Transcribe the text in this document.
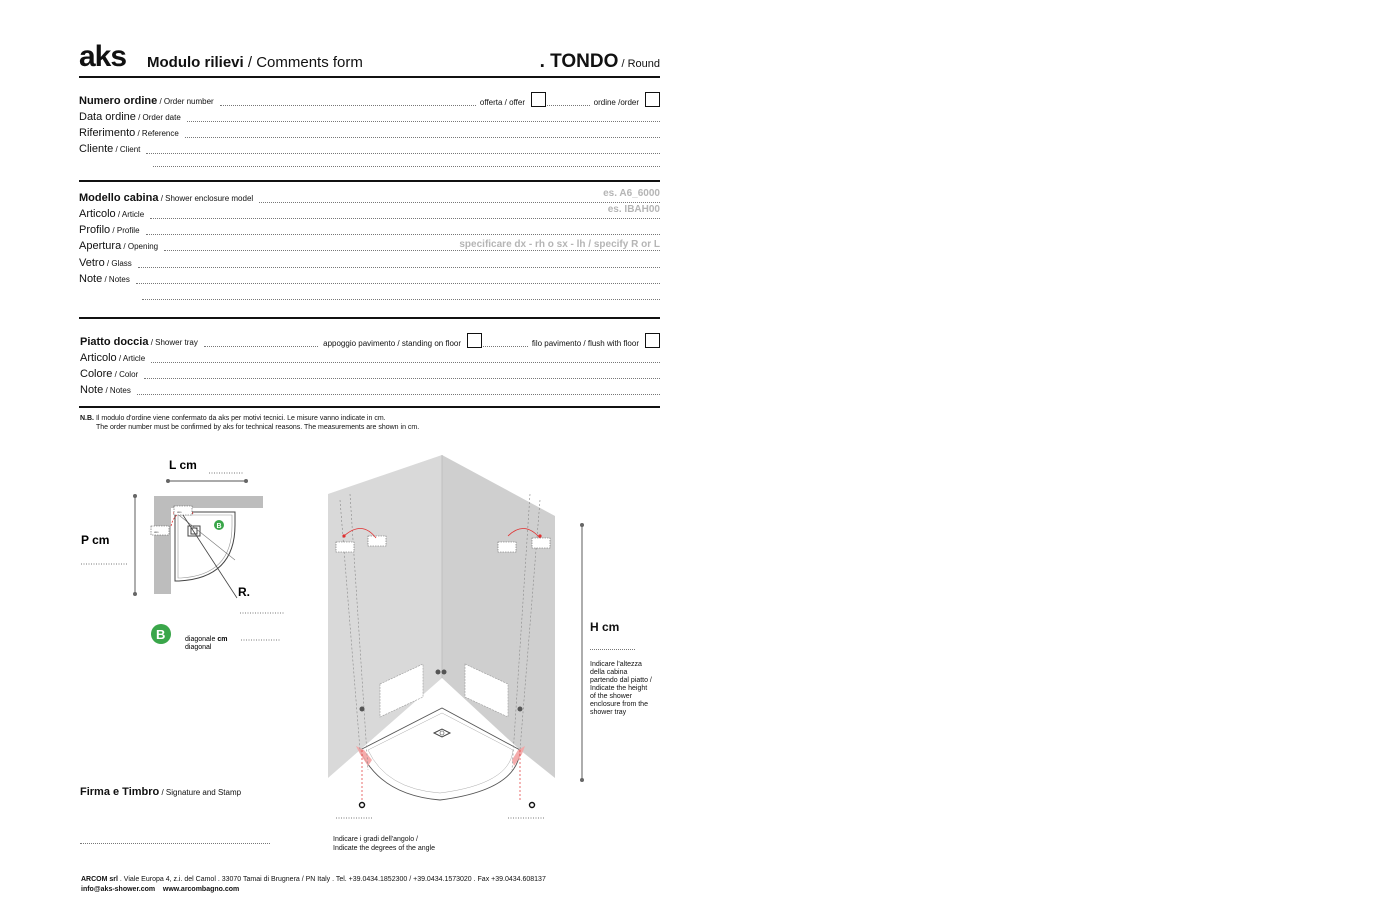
aks Modulo rilievi / Comments form	. TONDO / Round
Numero ordine / Order number	offerta / offer	ordine /order
Data ordine / Order date
Riferimento / Reference
Cliente / Client
Modello cabina / Shower enclosure model	es. A6_6000
Articolo / Article	es. IBAH00
Profilo / Profile
Apertura / Opening	specificare dx - rh o sx - lh / specify R or L
Vetro / Glass
Note / Notes
Piatto doccia / Shower tray	appoggio pavimento / standing on floor	filo pavimento / flush with floor
Articolo / Article
Colore / Color
Note / Notes
N.B. Il modulo d'ordine viene confermato da aks per motivi tecnici. Le misure vanno indicate in cm.
The order number must be confirmed by aks for technical reasons. The measurements are shown in cm.
L cm
aks
aks
B
P cm
R.
B	diagonale cm
diagonal
H cm
Indicare l'altezza
della cabina
partendo dal piatto /
Indicate the height
of the shower
enclosure from the
shower tray
Indicare i gradi dell'angolo /
Indicate the degrees of the angle
Firma e Timbro / Signature and Stamp
ARCOM srl . Viale Europa 4, z.i. del Camol . 33070 Tamai di Brugnera / PN Italy . Tel. +39.0434.1852300 / +39.0434.1573020 . Fax +39.0434.608137
info@aks-shower.com www.arcombagno.com
